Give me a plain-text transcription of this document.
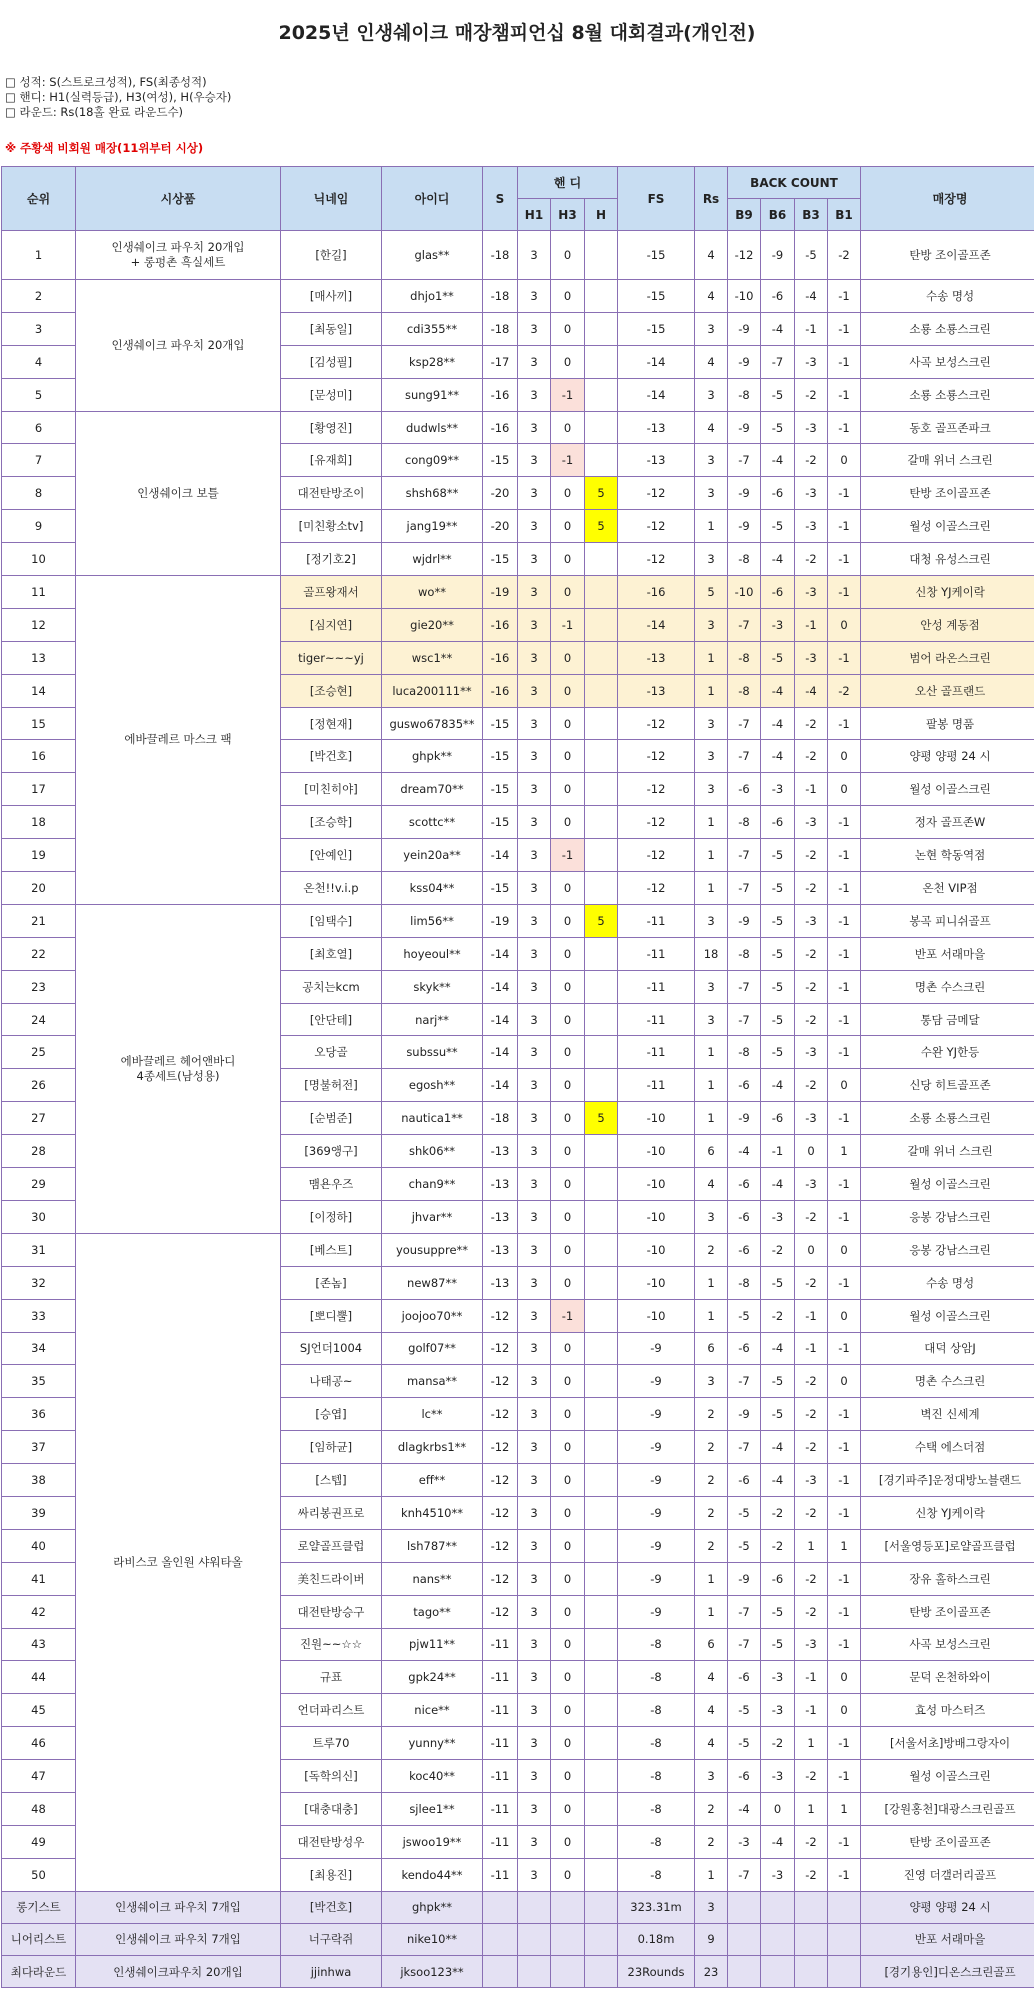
2025년 인생쉐이크 매장챔피언십 8월 대회결과(개인전)
□ 성적: S(스트로크성적), FS(최종성적)
□ 핸디: H1(실력등급), H3(여성), H(우승자)
□ 라운드: Rs(18홀 완료 라운드수)
※ 주황색 비회원 매장(11위부터 시상)
순위	시상품	닉네임	아이디	S	핸 디			FS	Rs	BACK COUNT				매장명
					H1	H3	H			B9	B6	B3	B1	
1	인생쉐이크 파우치 20개입
+ 롱펑촌 흑실세트	[한길]	glas**	-18	3	0		-15	4	-12	-9	-5	-2	탄방 조이골프존
2	인생쉐이크 파우치 20개입	[매사끼]	dhjo1**	-18	3	0		-15	4	-10	-6	-4	-1	수송 명성
3		[최동일]	cdi355**	-18	3	0		-15	3	-9	-4	-1	-1	소룡 소룡스크린
4		[김성필]	ksp28**	-17	3	0		-14	4	-9	-7	-3	-1	사곡 보성스크린
5		[문성미]	sung91**	-16	3	-1		-14	3	-8	-5	-2	-1	소룡 소룡스크린
6	인생쉐이크 보틀	[황영진]	dudwls**	-16	3	0		-13	4	-9	-5	-3	-1	동호 골프존파크
7		[유재희]	cong09**	-15	3	-1		-13	3	-7	-4	-2	0	갈매 위너 스크린
8		대전탄방조이	shsh68**	-20	3	0	5	-12	3	-9	-6	-3	-1	탄방 조이골프존
9		[미친황소tv]	jang19**	-20	3	0	5	-12	1	-9	-5	-3	-1	월성 이골스크린
10		[정기호2]	wjdrl**	-15	3	0		-12	3	-8	-4	-2	-1	대청 유성스크린
11	에바끌레르 마스크 팩	골프왕재서	wo**	-19	3	0		-16	5	-10	-6	-3	-1	신창 YJ케이락
12		[심지연]	gie20**	-16	3	-1		-14	3	-7	-3	-1	0	안성 계동점
13		tiger~~~yj	wsc1**	-16	3	0		-13	1	-8	-5	-3	-1	범어 라온스크린
14		[조승현]	luca200111**	-16	3	0		-13	1	-8	-4	-4	-2	오산 골프랜드
15		[정현재]	guswo67835**	-15	3	0		-12	3	-7	-4	-2	-1	팔봉 명품
16		[박건호]	ghpk**	-15	3	0		-12	3	-7	-4	-2	0	양평 양평 24 시
17		[미친히야]	dream70**	-15	3	0		-12	3	-6	-3	-1	0	월성 이골스크린
18		[조승학]	scottc**	-15	3	0		-12	1	-8	-6	-3	-1	정자 골프존W
19		[안예인]	yein20a**	-14	3	-1		-12	1	-7	-5	-2	-1	논현 학동역점
20		온천!!v.i.p	kss04**	-15	3	0		-12	1	-7	-5	-2	-1	온천 VIP점
21	에바끌레르 헤어앤바디
4종세트(남성용)	[임택수]	lim56**	-19	3	0	5	-11	3	-9	-5	-3	-1	봉곡 피니쉬골프
22		[최호열]	hoyeoul**	-14	3	0		-11	18	-8	-5	-2	-1	반포 서래마을
23		공치는kcm	skyk**	-14	3	0		-11	3	-7	-5	-2	-1	명촌 수스크린
24		[안단테]	narj**	-14	3	0		-11	3	-7	-5	-2	-1	통담 금메달
25		오당골	subssu**	-14	3	0		-11	1	-8	-5	-3	-1	수완 YJ한등
26		[명불허전]	egosh**	-14	3	0		-11	1	-6	-4	-2	0	신당 히트골프존
27		[순범준]	nautica1**	-18	3	0	5	-10	1	-9	-6	-3	-1	소룡 소룡스크린
28		[369앵구]	shk06**	-13	3	0		-10	6	-4	-1	0	1	갈매 위너 스크린
29		맴욘우즈	chan9**	-13	3	0		-10	4	-6	-4	-3	-1	월성 이골스크린
30		[이정하]	jhvar**	-13	3	0		-10	3	-6	-3	-2	-1	응봉 강남스크린
31	라비스코 올인원 샤워타올	[베스트]	yousuppre**	-13	3	0		-10	2	-6	-2	0	0	응봉 강남스크린
32		[존놈]	new87**	-13	3	0		-10	1	-8	-5	-2	-1	수송 명성
33		[뽀디뿔]	joojoo70**	-12	3	-1		-10	1	-5	-2	-1	0	월성 이골스크린
34		SJ언더1004	golf07**	-12	3	0		-9	6	-6	-4	-1	-1	대덕 상암J
35		나태공~	mansa**	-12	3	0		-9	3	-7	-5	-2	0	명촌 수스크린
36		[승엽]	lc**	-12	3	0		-9	2	-9	-5	-2	-1	벽진 신세계
37		[임하균]	dlagkrbs1**	-12	3	0		-9	2	-7	-4	-2	-1	수택 에스더점
38		[스텝]	eff**	-12	3	0		-9	2	-6	-4	-3	-1	[경기파주]운정대방노블랜드
39		싸리봉권프로	knh4510**	-12	3	0		-9	2	-5	-2	-2	-1	신창 YJ케이락
40		로얄골프클럽	lsh787**	-12	3	0		-9	2	-5	-2	1	1	[서울영등포]로얄골프클럽
41		美친드라이버	nans**	-12	3	0		-9	1	-9	-6	-2	-1	장유 홀하스크린
42		대전탄방승구	tago**	-12	3	0		-9	1	-7	-5	-2	-1	탄방 조이골프존
43		진원~~☆☆	pjw11**	-11	3	0		-8	6	-7	-5	-3	-1	사곡 보성스크린
44		규표	gpk24**	-11	3	0		-8	4	-6	-3	-1	0	문덕 온천하와이
45		언더파리스트	nice**	-11	3	0		-8	4	-5	-3	-1	0	효성 마스터즈
46		트루70	yunny**	-11	3	0		-8	4	-5	-2	1	-1	[서울서초]방배그랑자이
47		[독학의신]	koc40**	-11	3	0		-8	3	-6	-3	-2	-1	월성 이골스크린
48		[대충대충]	sjlee1**	-11	3	0		-8	2	-4	0	1	1	[강원홍천]대광스크린골프
49		대전탄방성우	jswoo19**	-11	3	0		-8	2	-3	-4	-2	-1	탄방 조이골프존
50		[최용진]	kendo44**	-11	3	0		-8	1	-7	-3	-2	-1	진영 더갤러리골프
롱기스트	인생쉐이크 파우치 7개입	[박건호]	ghpk**					323.31m	3					양평 양평 24 시
니어리스트	인생쉐이크 파우치 7개입	너구락쥐	nike10**					0.18m	9					반포 서래마을
최다라운드	인생쉐이크파우치 20개입	jjinhwa	jksoo123**					23Rounds	23					[경기용인]디온스크린골프
